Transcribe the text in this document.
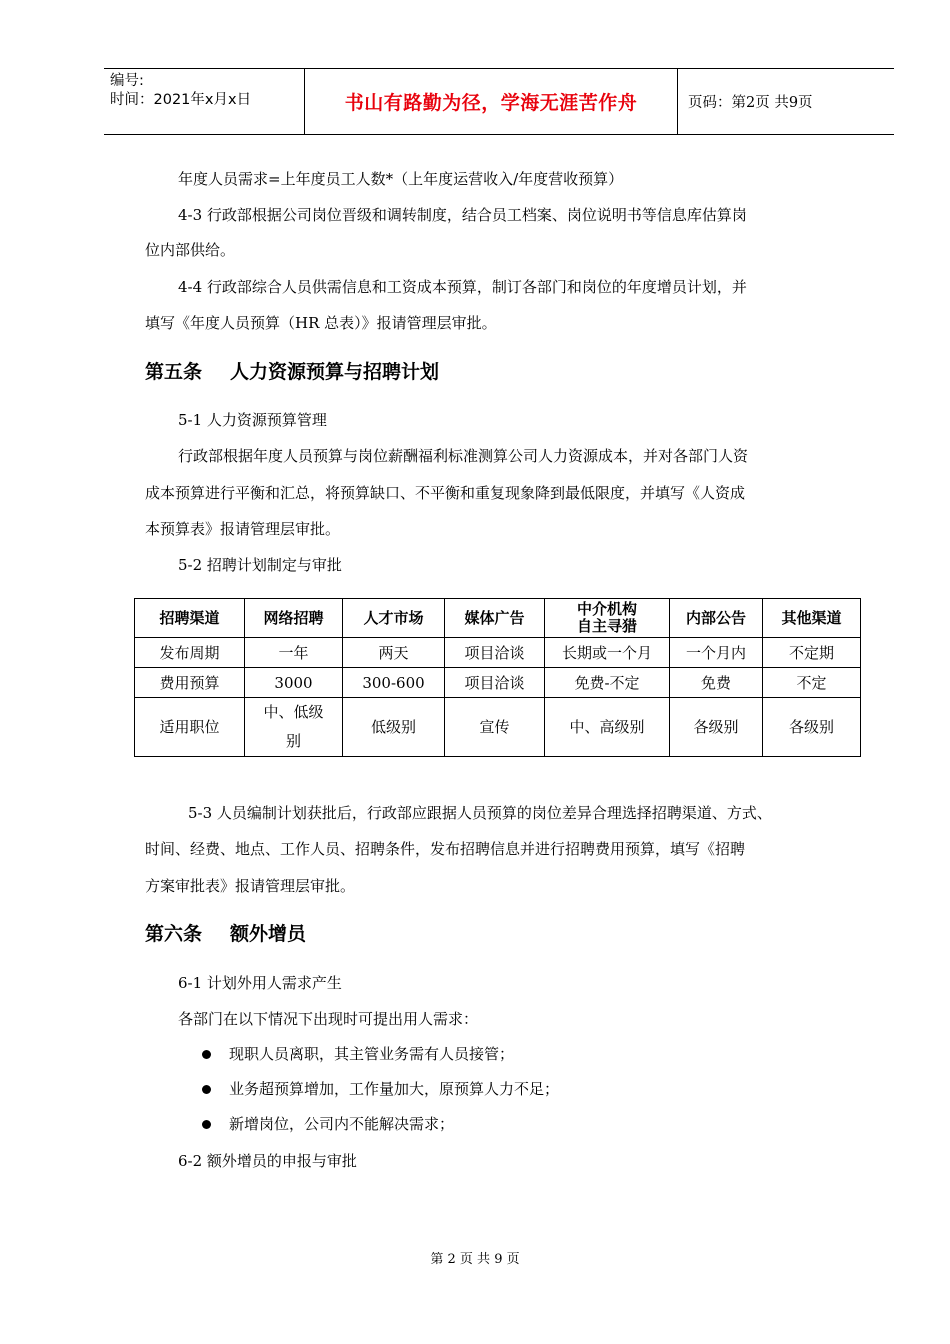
编号:
时间：2021年x月x日	书山有路勤为径，学海无涯苦作舟	页码：第2页 共9页
年度人员需求=上年度员工人数*（上年度运营收入/年度营收预算）
4-3 行政部根据公司岗位晋级和调转制度，结合员工档案、岗位说明书等信息库估算岗
位内部供给。
4-4 行政部综合人员供需信息和工资成本预算，制订各部门和岗位的年度增员计划，并
填写《年度人员预算（HR 总表）》报请管理层审批。
第五条 人力资源预算与招聘计划
5-1 人力资源预算管理
行政部根据年度人员预算与岗位薪酬福利标准测算公司人力资源成本，并对各部门人资
成本预算进行平衡和汇总，将预算缺口、不平衡和重复现象降到最低限度，并填写《人资成
本预算表》报请管理层审批。
5-2 招聘计划制定与审批
招聘渠道	网络招聘	人才市场	媒体广告	中介机构
自主寻猎	内部公告	其他渠道
发布周期	一年	两天	项目洽谈	长期或一个月	一个月内	不定期
费用预算	3000	300-600	项目洽谈	免费-不定	免费	不定
适用职位	中、低级
别	低级别	宣传	中、高级别	各级别	各级别
5-3 人员编制计划获批后，行政部应跟据人员预算的岗位差异合理选择招聘渠道、方式、
时间、经费、地点、工作人员、招聘条件，发布招聘信息并进行招聘费用预算，填写《招聘
方案审批表》报请管理层审批。
第六条 额外增员
6-1 计划外用人需求产生
各部门在以下情况下出现时可提出用人需求：
现职人员离职，其主管业务需有人员接管；
业务超预算增加，工作量加大，原预算人力不足；
新增岗位，公司内不能解决需求；
6-2 额外增员的申报与审批
第 2 页 共 9 页
